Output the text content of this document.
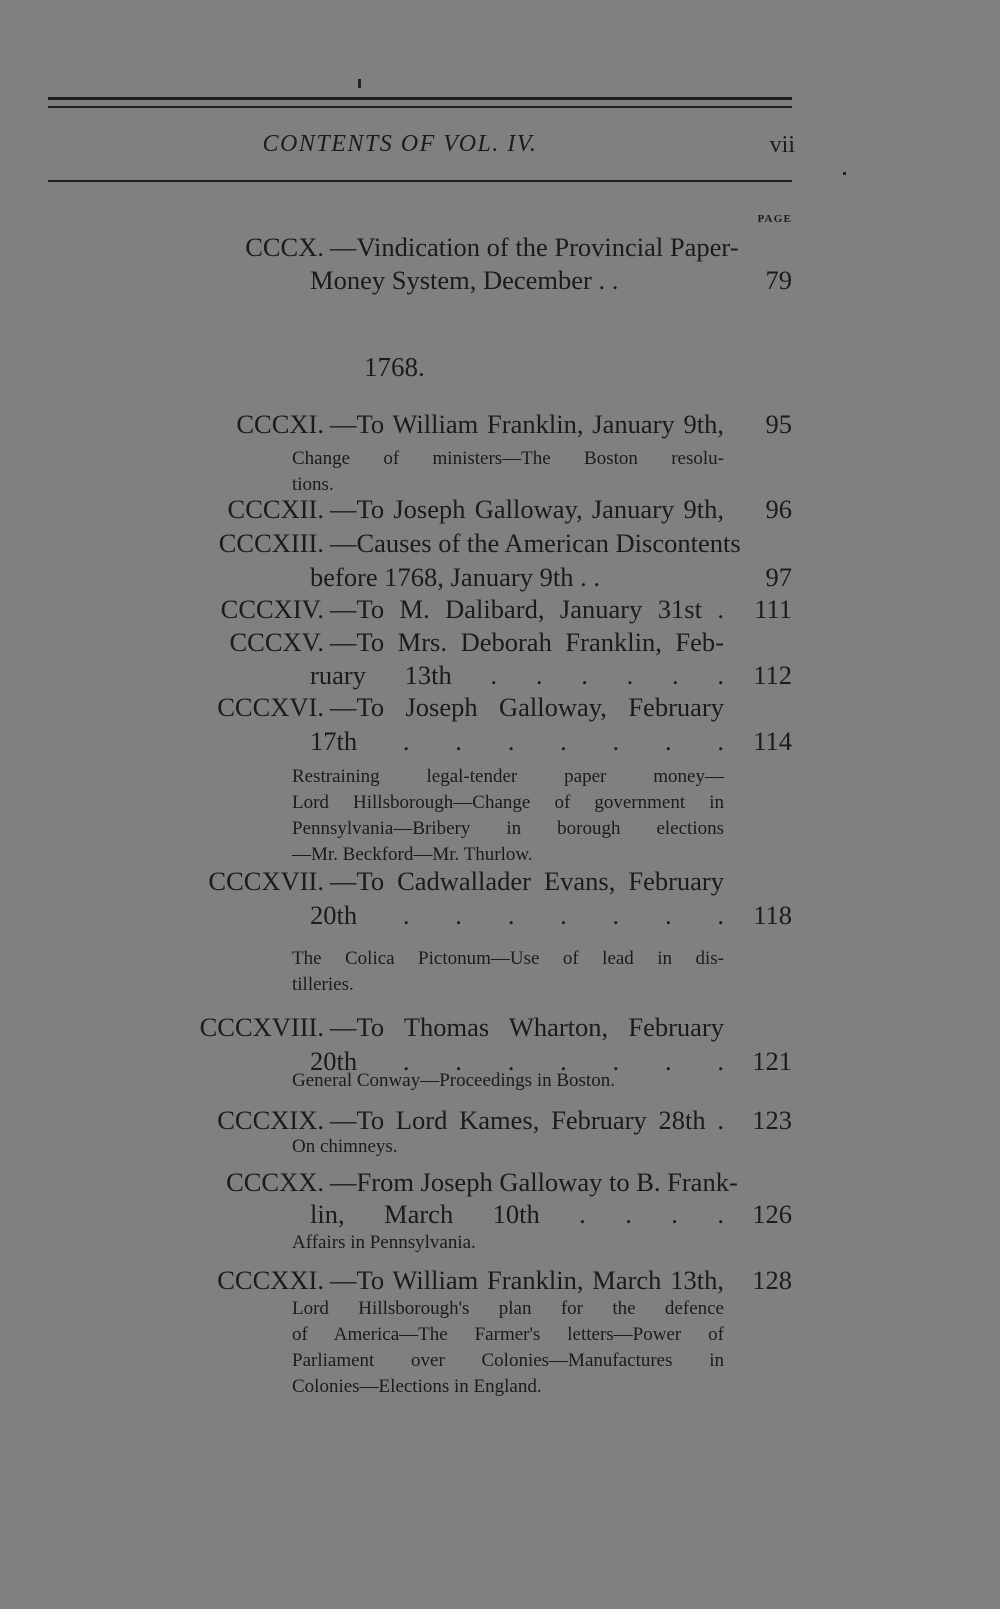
CONTENTS OF VOL. IV.	vii
PAGE
CCCX. —Vindication of the Provincial Paper-
Money System, December . .	79
1768.
CCCXI. —To William Franklin, January 9th,	95
Change of ministers—The Boston resolu-
tions.
CCCXII. —To Joseph Galloway, January 9th,	96
CCCXIII. —Causes of the American Discontents
before 1768, January 9th . .	97
CCCXIV. —To M. Dalibard, January 31st .	111
CCCXV. —To Mrs. Deborah Franklin, Feb-
ruary 13th . . . . . .	112
CCCXVI. —To Joseph Galloway, February
17th . . . . . . .	114
Restraining legal-tender paper money—
Lord Hillsborough—Change of government in
Pennsylvania—Bribery in borough elections
—Mr. Beckford—Mr. Thurlow.
CCCXVII. —To Cadwallader Evans, February
20th . . . . . . .	118
The Colica Pictonum—Use of lead in dis-
tilleries.
CCCXVIII. —To Thomas Wharton, February
20th . . . . . . .	121
General Conway—Proceedings in Boston.
CCCXIX. —To Lord Kames, February 28th .	123
On chimneys.
CCCXX. —From Joseph Galloway to B. Frank-
lin, March 10th . . . .	126
Affairs in Pennsylvania.
CCCXXI. —To William Franklin, March 13th,	128
Lord Hillsborough's plan for the defence
of America—The Farmer's letters—Power of
Parliament over Colonies—Manufactures in
Colonies—Elections in England.
